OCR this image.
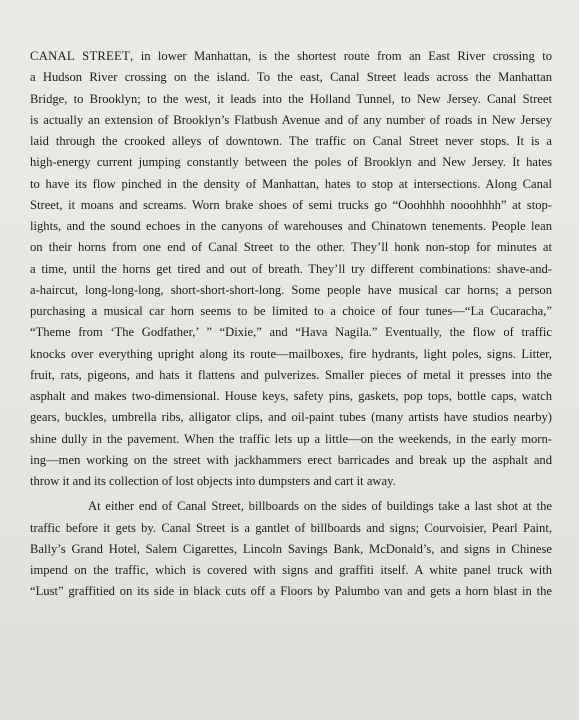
CANAL STREET, in lower Manhattan, is the shortest route from an East River crossing to
a Hudson River crossing on the island. To the east, Canal Street leads across the Manhattan
Bridge, to Brooklyn; to the west, it leads into the Holland Tunnel, to New Jersey. Canal Street
is actually an extension of Brooklyn’s Flatbush Avenue and of any number of roads in New Jersey
laid through the crooked alleys of downtown. The traffic on Canal Street never stops. It is a
high-energy current jumping constantly between the poles of Brooklyn and New Jersey. It hates
to have its flow pinched in the density of Manhattan, hates to stop at intersections. Along Canal
Street, it moans and screams. Worn brake shoes of semi trucks go “Ooohhhh nooohhhh” at stop-
lights, and the sound echoes in the canyons of warehouses and Chinatown tenements. People lean
on their horns from one end of Canal Street to the other. They’ll honk non-stop for minutes at
a time, until the horns get tired and out of breath. They’ll try different combinations: shave-and-
a-haircut, long-long-long, short-short-short-long. Some people have musical car horns; a person
purchasing a musical car horn seems to be limited to a choice of four tunes—“La Cucaracha,”
“Theme from ‘The Godfather,’ ” “Dixie,” and “Hava Nagila.” Eventually, the flow of traffic
knocks over everything upright along its route—mailboxes, fire hydrants, light poles, signs. Litter,
fruit, rats, pigeons, and hats it flattens and pulverizes. Smaller pieces of metal it presses into the
asphalt and makes two-dimensional. House keys, safety pins, gaskets, pop tops, bottle caps, watch
gears, buckles, umbrella ribs, alligator clips, and oil-paint tubes (many artists have studios nearby)
shine dully in the pavement. When the traffic lets up a little—on the weekends, in the early morn-
ing—men working on the street with jackhammers erect barricades and break up the asphalt and
throw it and its collection of lost objects into dumpsters and cart it away.
At either end of Canal Street, billboards on the sides of buildings take a last shot at the
traffic before it gets by. Canal Street is a gantlet of billboards and signs; Courvoisier, Pearl Paint,
Bally’s Grand Hotel, Salem Cigarettes, Lincoln Savings Bank, McDonald’s, and signs in Chinese
impend on the traffic, which is covered with signs and graffiti itself. A white panel truck with
“Lust” graffitied on its side in black cuts off a Floors by Palumbo van and gets a horn blast in the
